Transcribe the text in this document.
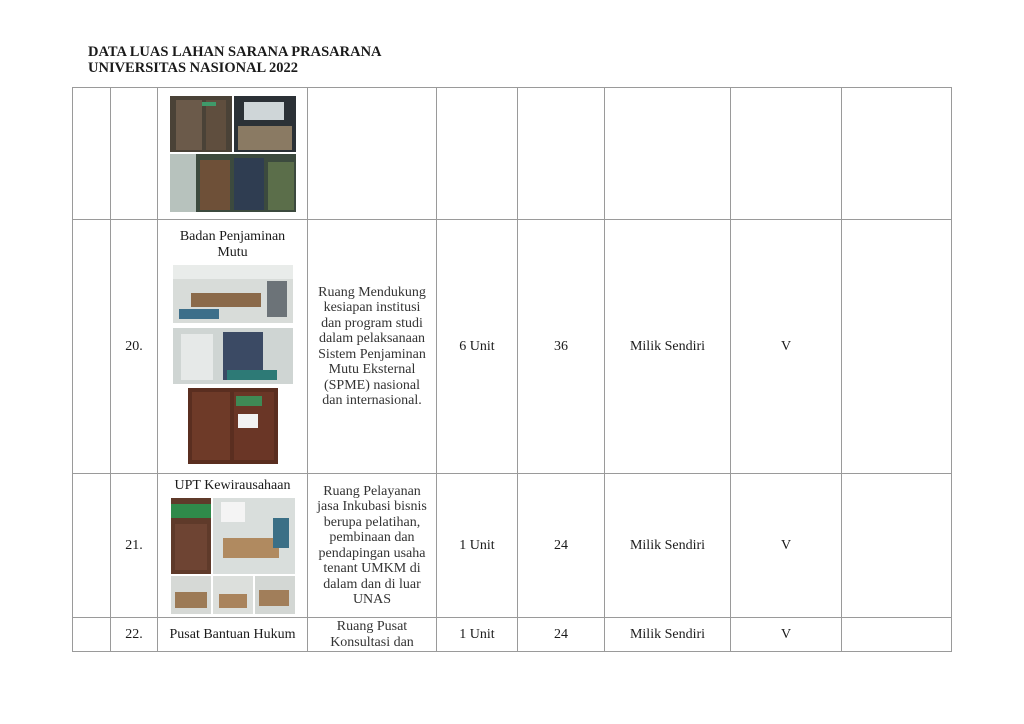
DATA LUAS LAHAN SARANA PRASARANA
UNIVERSITAS NASIONAL 2022

	20.	Badan Penjaminan Mutu	Ruang Mendukung kesiapan institusi dan program studi dalam pelaksanaan Sistem Penjaminan Mutu Eksternal (SPME) nasional dan internasional.	6 Unit	36	Milik Sendiri	V	
	21.	UPT Kewirausahaan	Ruang Pelayanan jasa Inkubasi bisnis berupa pelatihan, pembinaan dan pendapingan usaha tenant UMKM di dalam dan di luar UNAS	1 Unit	24	Milik Sendiri	V	
	22.	Pusat Bantuan Hukum	Ruang Pusat Konsultasi dan	1 Unit	24	Milik Sendiri	V	
